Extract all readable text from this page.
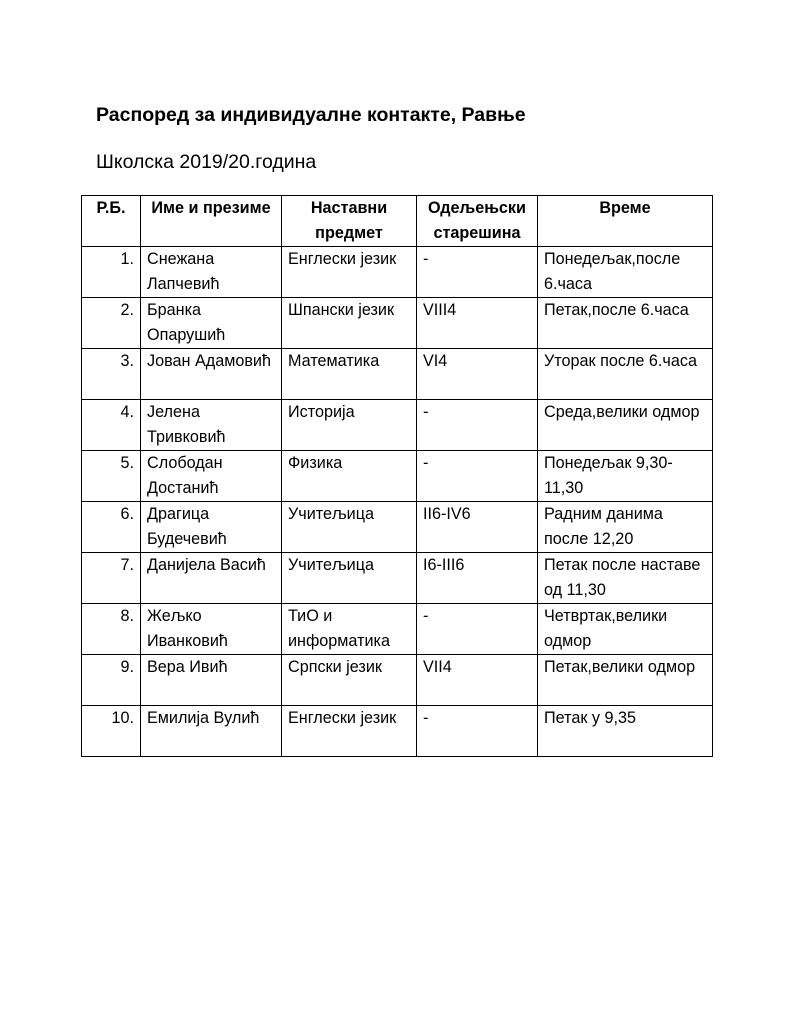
Распоред за индивидуалне контакте, Равње
Школска 2019/20.година
Р.Б.	Име и презиме	Наставни предмет	Одељењски старешина	Време
1.	Снежана Лапчевић	Енглески језик	-	Понедељак,после 6.часа
2.	Бранка Опарушић	Шпански језик	VIII4	Петак,после 6.часа
3.	Јован Адамовић	Математика	VI4	Уторак после 6.часа
4.	Јелена Тривковић	Историја	-	Среда,велики одмор
5.	Слободан Достанић	Физика	-	Понедељак 9,30-11,30
6.	Драгица Будечевић	Учитељица	II6-IV6	Радним данима после 12,20
7.	Данијела Васић	Учитељица	I6-III6	Петак после наставе од 11,30
8.	Жељко Иванковић	ТиО и информатика	-	Четвртак,велики одмор
9.	Вера Ивић	Српски језик	VII4	Петак,велики одмор
10.	Емилија Вулић	Енглески језик	-	Петак у 9,35
